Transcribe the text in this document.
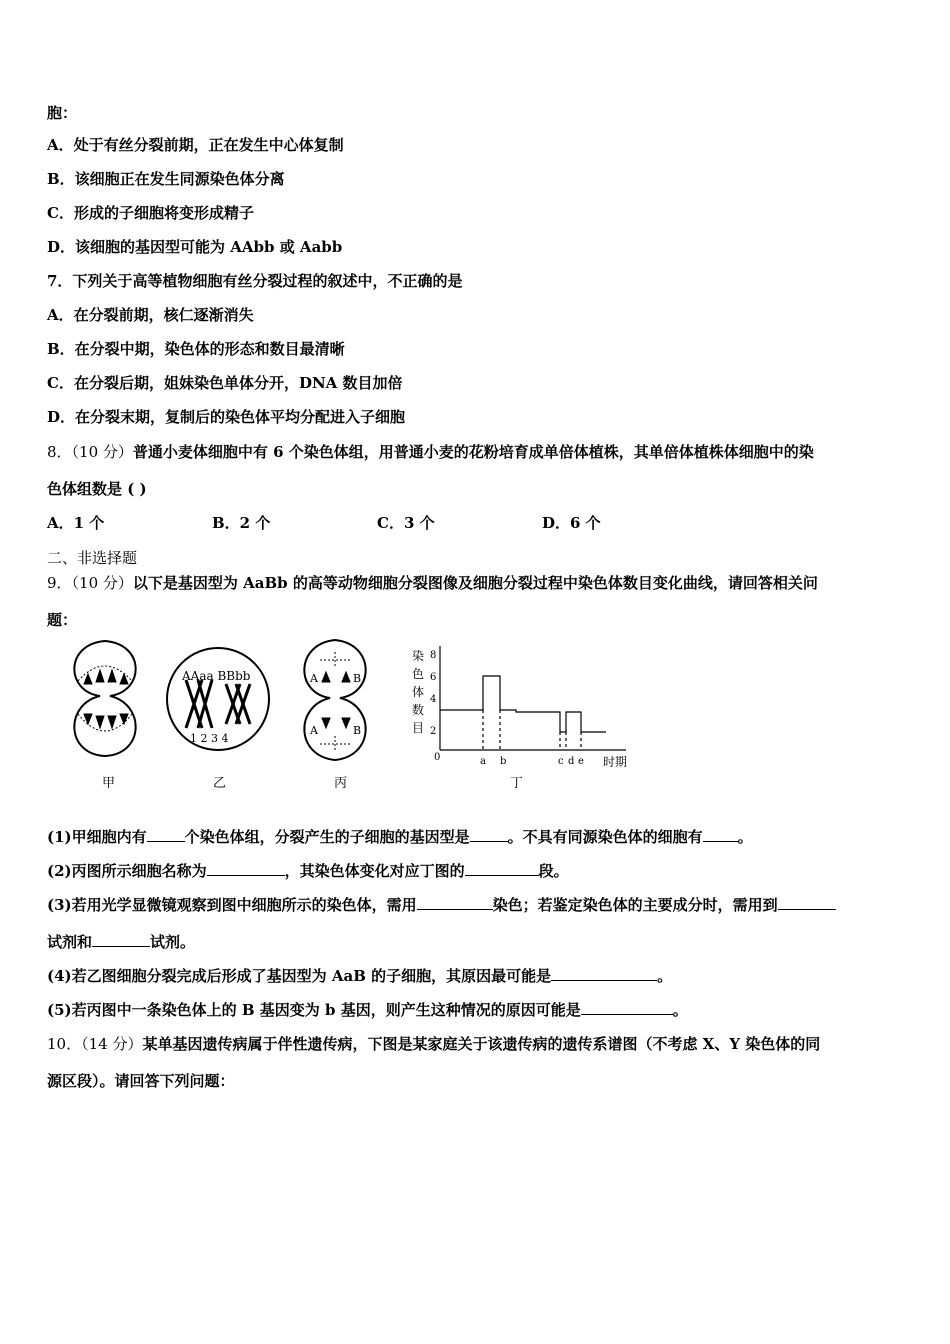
胞：
A．处于有丝分裂前期，正在发生中心体复制
B．该细胞正在发生同源染色体分离
C．形成的子细胞将变形成精子
D．该细胞的基因型可能为 AAbb 或 Aabb
7．下列关于高等植物细胞有丝分裂过程的叙述中，不正确的是
A．在分裂前期，核仁逐渐消失
B．在分裂中期，染色体的形态和数目最清晰
C．在分裂后期，姐妹染色单体分开，DNA 数目加倍
D．在分裂末期，复制后的染色体平均分配进入子细胞
8．（10 分）普通小麦体细胞中有 6 个染色体组，用普通小麦的花粉培育成单倍体植株，其单倍体植株体细胞中的染
色体组数是 ( )
A．1 个	B．2 个	C．3 个	D．6 个
二、非选择题
9．（10 分）以下是基因型为 AaBb 的高等动物细胞分裂图像及细胞分裂过程中染色体数目变化曲线，请回答相关问
题：
AAaa BBbb
1 2 3 4
A	B
A	B
染
色
体
数
目
8
6
4
2
0	a b	c d e 时期
甲	乙	丙	丁
(1)甲细胞内有	个染色体组，分裂产生的子细胞的基因型是	。不具有同源染色体的细胞有 。
(2)丙图所示细胞名称为	，其染色体变化对应丁图的	段。
(3)若用光学显微镜观察到图中细胞所示的染色体，需用	染色；若鉴定染色体的主要成分时，需用到
试剂和	试剂。
(4)若乙图细胞分裂完成后形成了基因型为 AaB 的子细胞，其原因最可能是	。
(5)若丙图中一条染色体上的 B 基因变为 b 基因，则产生这种情况的原因可能是	。
10．（14 分）某单基因遗传病属于伴性遗传病，下图是某家庭关于该遗传病的遗传系谱图（不考虑 X、Y 染色体的同
源区段）。请回答下列问题：
